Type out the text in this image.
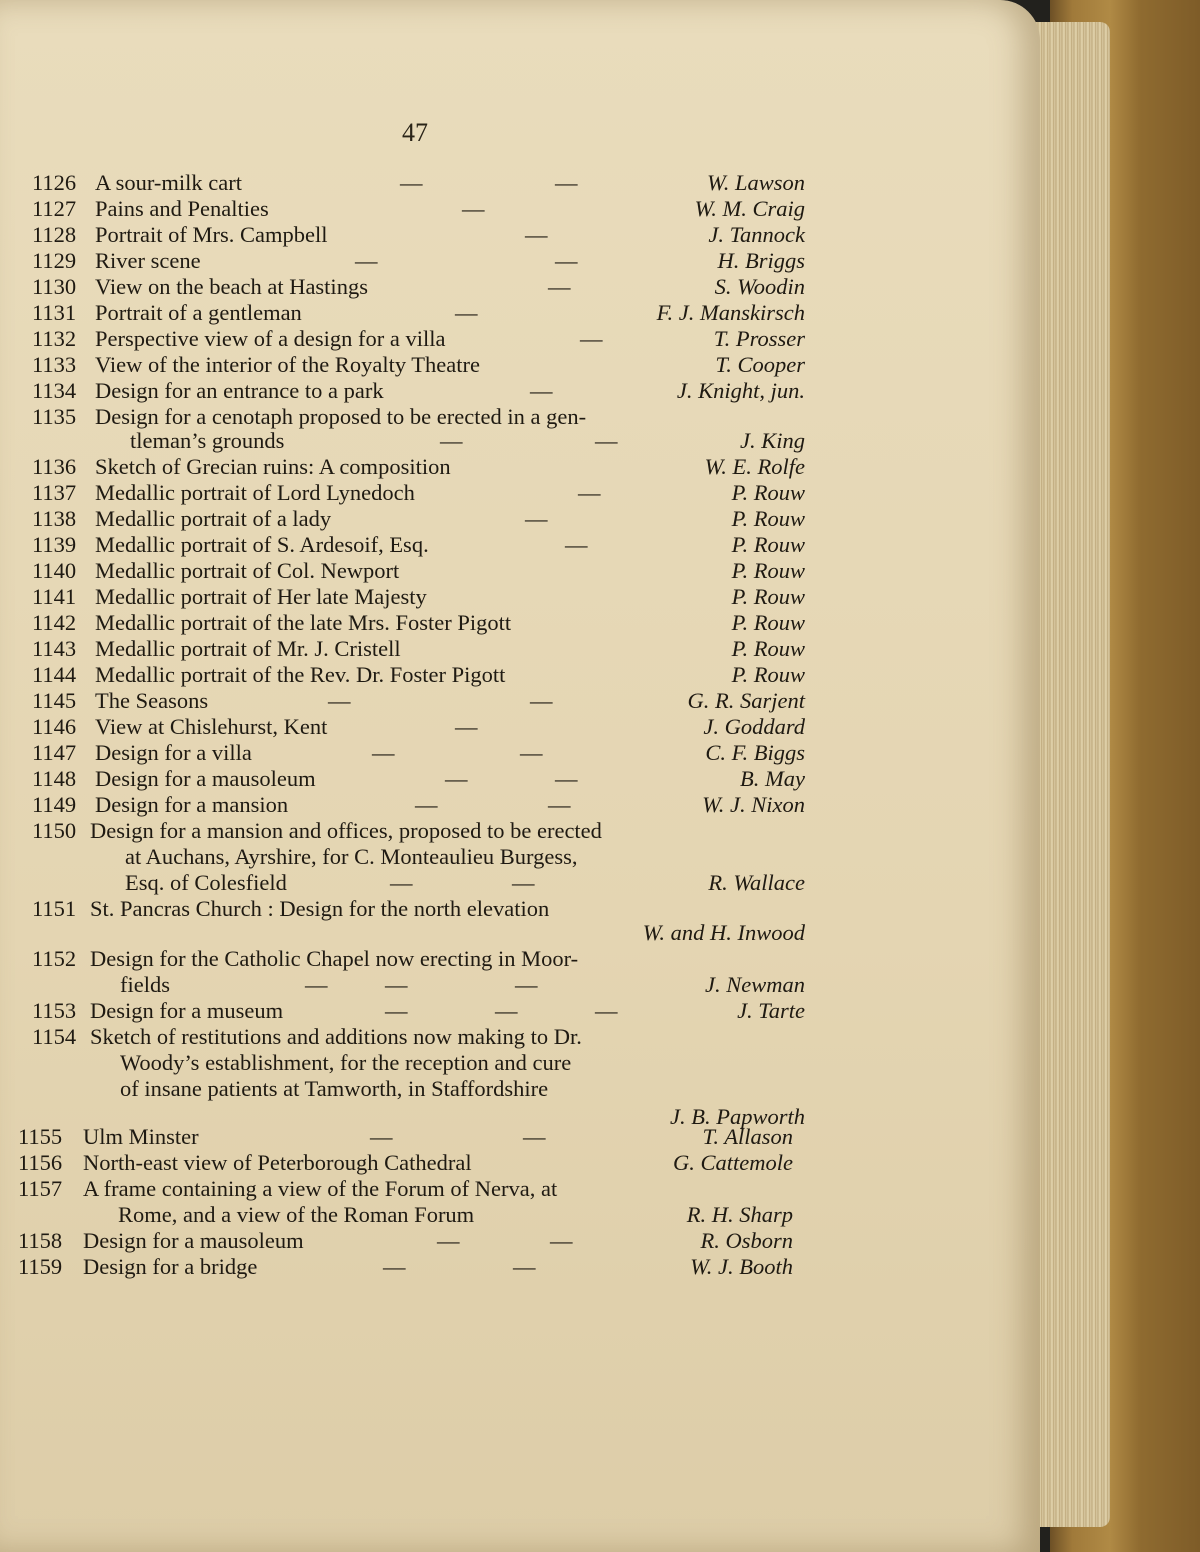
47
1126 A sour-milk cart	—	—	W. Lawson
1127 Pains and Penalties	—	W. M. Craig
1128 Portrait of Mrs. Campbell	—	J. Tannock
1129 River scene	—	—	H. Briggs
1130 View on the beach at Hastings	—	S. Woodin
1131 Portrait of a gentleman	—	F. J. Manskirsch
1132 Perspective view of a design for a villa	—	T. Prosser
1133 View of the interior of the Royalty Theatre	T. Cooper
1134 Design for an entrance to a park	—	J. Knight, jun.
1135 Design for a cenotaph proposed to be erected in a gen-
tleman’s grounds	—	—	J. King
1136 Sketch of Grecian ruins: A composition	W. E. Rolfe
1137 Medallic portrait of Lord Lynedoch	—	P. Rouw
1138 Medallic portrait of a lady	—	P. Rouw
1139 Medallic portrait of S. Ardesoif, Esq.	—	P. Rouw
1140 Medallic portrait of Col. Newport	P. Rouw
1141 Medallic portrait of Her late Majesty	P. Rouw
1142 Medallic portrait of the late Mrs. Foster Pigott	P. Rouw
1143 Medallic portrait of Mr. J. Cristell	P. Rouw
1144 Medallic portrait of the Rev. Dr. Foster Pigott	P. Rouw
1145 The Seasons	—	—	G. R. Sarjent
1146 View at Chislehurst, Kent	—	J. Goddard
1147 Design for a villa	—	—	C. F. Biggs
1148 Design for a mausoleum	—	—	B. May
1149 Design for a mansion	—	—	W. J. Nixon
1150 Design for a mansion and offices, proposed to be erected
at Auchans, Ayrshire, for C. Monteaulieu Burgess,
Esq. of Colesfield	—	—	R. Wallace
1151 St. Pancras Church : Design for the north elevation
W. and H. Inwood
1152 Design for the Catholic Chapel now erecting in Moor-
fields	—	—	—	J. Newman
1153 Design for a museum	—	—	—	J. Tarte
1154 Sketch of restitutions and additions now making to Dr.
Woody’s establishment, for the reception and cure
of insane patients at Tamworth, in Staffordshire
J. B. Papworth
1155 Ulm Minster	—	—	T. Allason
1156 North-east view of Peterborough Cathedral	G. Cattemole
1157 A frame containing a view of the Forum of Nerva, at
Rome, and a view of the Roman Forum	R. H. Sharp
1158 Design for a mausoleum	—	—	R. Osborn
1159 Design for a bridge	—	—	W. J. Booth
